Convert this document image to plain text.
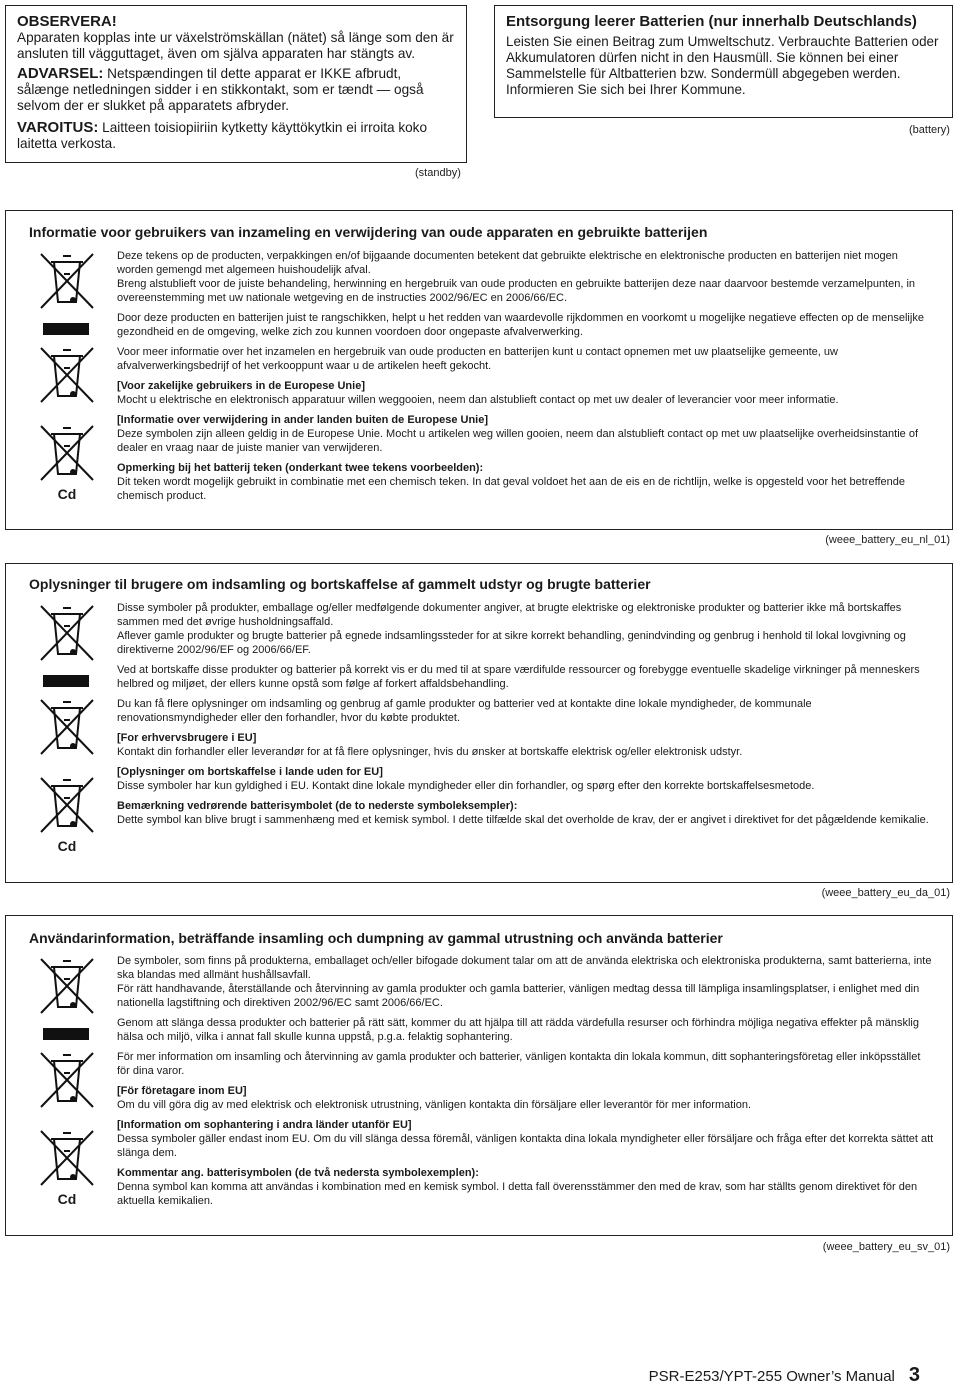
OBSERVERA!

Apparaten kopplas inte ur växelströmskällan (nätet) så länge som den är ansluten till vägguttaget, även om själva apparaten har stängts av.

ADVARSEL: Netspændingen til dette apparat er IKKE afbrudt, sålænge netledningen sidder i en stikkontakt, som er tændt — også selvom der er slukket på apparatets afbryder.

VAROITUS: Laitteen toisiopiiriin kytketty käyttökytkin ei irroita koko laitetta verkosta.

(standby)
Entsorgung leerer Batterien (nur innerhalb Deutschlands)
Leisten Sie einen Beitrag zum Umweltschutz. Verbrauchte Batterien oder Akkumulatoren dürfen nicht in den Hausmüll. Sie können bei einer Sammelstelle für Altbatterien bzw. Sondermüll abgegeben werden. Informieren Sie sich bei Ihrer Kommune.
(battery)
Informatie voor gebruikers van inzameling en verwijdering van oude apparaten en gebruikte batterijen
Cd

Deze tekens op de producten, verpakkingen en/of bijgaande documenten betekent dat gebruikte elektrische en elektronische producten en batterijen niet mogen worden gemengd met algemeen huishoudelijk afval.
Breng alstublieft voor de juiste behandeling, herwinning en hergebruik van oude producten en gebruikte batterijen deze naar daarvoor bestemde verzamelpunten, in overeenstemming met uw nationale wetgeving en de instructies 2002/96/EC en 2006/66/EC.

Door deze producten en batterijen juist te rangschikken, helpt u het redden van waardevolle rijkdommen en voorkomt u mogelijke negatieve effecten op de menselijke gezondheid en de omgeving, welke zich zou kunnen voordoen door ongepaste afvalverwerking.

Voor meer informatie over het inzamelen en hergebruik van oude producten en batterijen kunt u contact opnemen met uw plaatselijke gemeente, uw afvalverwerkingsbedrijf of het verkooppunt waar u de artikelen heeft gekocht.

[Voor zakelijke gebruikers in de Europese Unie]
Mocht u elektrische en elektronisch apparatuur willen weggooien, neem dan alstublieft contact op met uw dealer of leverancier voor meer informatie.

[Informatie over verwijdering in ander landen buiten de Europese Unie]
Deze symbolen zijn alleen geldig in de Europese Unie. Mocht u artikelen weg willen gooien, neem dan alstublieft contact op met uw plaatselijke overheidsinstantie of dealer en vraag naar de juiste manier van verwijderen.

Opmerking bij het batterij teken (onderkant twee tekens voorbeelden):
Dit teken wordt mogelijk gebruikt in combinatie met een chemisch teken. In dat geval voldoet het aan de eis en de richtlijn, welke is opgesteld voor het betreffende chemisch product.

(weee_battery_eu_nl_01)
Oplysninger til brugere om indsamling og bortskaffelse af gammelt udstyr og brugte batterier
Cd

Disse symboler på produkter, emballage og/eller medfølgende dokumenter angiver, at brugte elektriske og elektroniske produkter og batterier ikke må bortskaffes sammen med det øvrige husholdningsaffald.
Aflever gamle produkter og brugte batterier på egnede indsamlingssteder for at sikre korrekt behandling, genindvinding og genbrug i henhold til lokal lovgivning og direktiverne 2002/96/EF og 2006/66/EF.

Ved at bortskaffe disse produkter og batterier på korrekt vis er du med til at spare værdifulde ressourcer og forebygge eventuelle skadelige virkninger på menneskers helbred og miljøet, der ellers kunne opstå som følge af forkert affaldsbehandling.

Du kan få flere oplysninger om indsamling og genbrug af gamle produkter og batterier ved at kontakte dine lokale myndigheder, de kommunale renovationsmyndigheder eller den forhandler, hvor du købte produktet.

[For erhvervsbrugere i EU]
Kontakt din forhandler eller leverandør for at få flere oplysninger, hvis du ønsker at bortskaffe elektrisk og/eller elektronisk udstyr.

[Oplysninger om bortskaffelse i lande uden for EU]
Disse symboler har kun gyldighed i EU. Kontakt dine lokale myndigheder eller din forhandler, og spørg efter den korrekte bortskaffelsesmetode.

Bemærkning vedrørende batterisymbolet (de to nederste symboleksempler):
Dette symbol kan blive brugt i sammenhæng med et kemisk symbol. I dette tilfælde skal det overholde de krav, der er angivet i direktivet for det pågældende kemikalie.

(weee_battery_eu_da_01)
Användarinformation, beträffande insamling och dumpning av gammal utrustning och använda batterier
Cd

De symboler, som finns på produkterna, emballaget och/eller bifogade dokument talar om att de använda elektriska och elektroniska produkterna, samt batterierna, inte ska blandas med allmänt hushållsavfall.
För rätt handhavande, återställande och återvinning av gamla produkter och gamla batterier, vänligen medtag dessa till lämpliga insamlingsplatser, i enlighet med din nationella lagstiftning och direktiven 2002/96/EC samt 2006/66/EC.

Genom att slänga dessa produkter och batterier på rätt sätt, kommer du att hjälpa till att rädda värdefulla resurser och förhindra möjliga negativa effekter på mänsklig hälsa och miljö, vilka i annat fall skulle kunna uppstå, p.g.a. felaktig sophantering.

För mer information om insamling och återvinning av gamla produkter och batterier, vänligen kontakta din lokala kommun, ditt sophanteringsföretag eller inköpsstället för dina varor.

[För företagare inom EU]
Om du vill göra dig av med elektrisk och elektronisk utrustning, vänligen kontakta din försäljare eller leverantör för mer information.

[Information om sophantering i andra länder utanför EU]
Dessa symboler gäller endast inom EU. Om du vill slänga dessa föremål, vänligen kontakta dina lokala myndigheter eller försäljare och fråga efter det korrekta sättet att slänga dem.

Kommentar ang. batterisymbolen (de två nedersta symbolexemplen):
Denna symbol kan komma att användas i kombination med en kemisk symbol. I detta fall överensstämmer den med de krav, som har ställts genom direktivet för den aktuella kemikalien.

(weee_battery_eu_sv_01)
PSR-E253/YPT-255 Owner’s Manual 3
